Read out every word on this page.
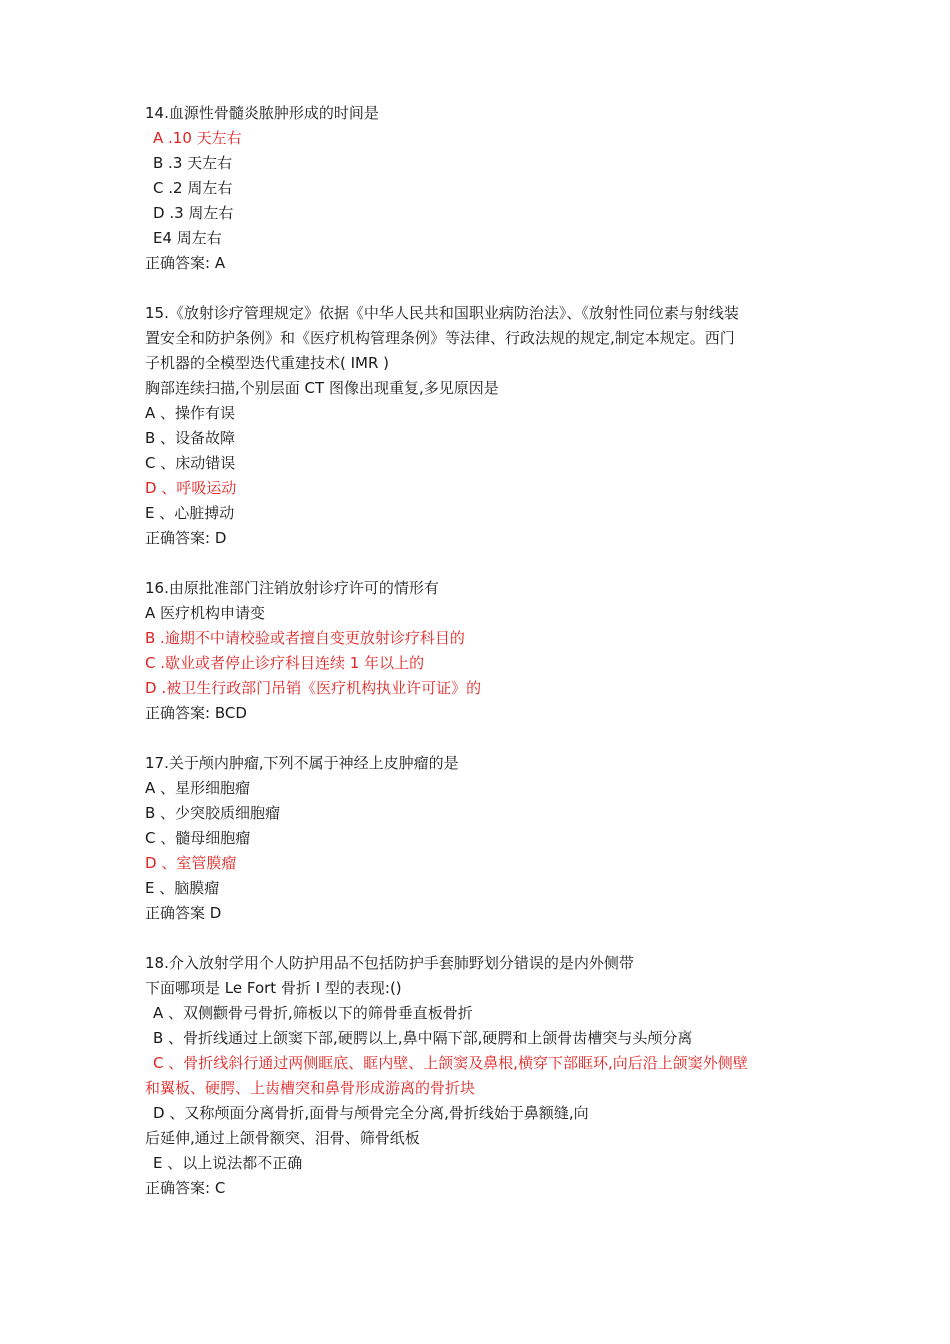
14.血源性骨髓炎脓肿形成的时间是
A .10 天左右
B .3 天左右
C .2 周左右
D .3 周左右
E4 周左右
正确答案: A
15.《放射诊疗管理规定》依据《中华人民共和国职业病防治法》、《放射性同位素与射线装
置安全和防护条例》和《医疗机构管理条例》等法律、行政法规的规定,制定本规定。西门
子机器的全模型迭代重建技术( IMR )
胸部连续扫描,个别层面 CT 图像出现重复,多见原因是
A 、操作有误
B 、设备故障
C 、床动错误
D 、呼吸运动
E 、心脏搏动
正确答案: D
16.由原批准部门注销放射诊疗许可的情形有
A 医疗机构申请变
B .逾期不中请校验或者擅自变更放射诊疗科目的
C .歇业或者停止诊疗科目连续 1 年以上的
D .被卫生行政部门吊销《医疗机构执业许可证》的
正确答案: BCD
17.关于颅内肿瘤,下列不属于神经上皮肿瘤的是
A 、星形细胞瘤
B 、少突胶质细胞瘤
C 、髓母细胞瘤
D 、室管膜瘤
E 、脑膜瘤
正确答案 D
18.介入放射学用个人防护用品不包括防护手套肺野划分错误的是内外侧带
下面哪项是 Le Fort 骨折 I 型的表现:()
A 、双侧颧骨弓骨折,筛板以下的筛骨垂直板骨折
B 、骨折线通过上颌窦下部,硬腭以上,鼻中隔下部,硬腭和上颌骨齿槽突与头颅分离
C 、骨折线斜行通过两侧眶底、眶内壁、上颌窦及鼻根,横穿下部眶环,向后沿上颌窦外侧壁
和翼板、硬腭、上齿槽突和鼻骨形成游离的骨折块
D 、又称颅面分离骨折,面骨与颅骨完全分离,骨折线始于鼻额缝,向
后延伸,通过上颌骨额突、泪骨、筛骨纸板
E 、以上说法都不正确
正确答案: C
